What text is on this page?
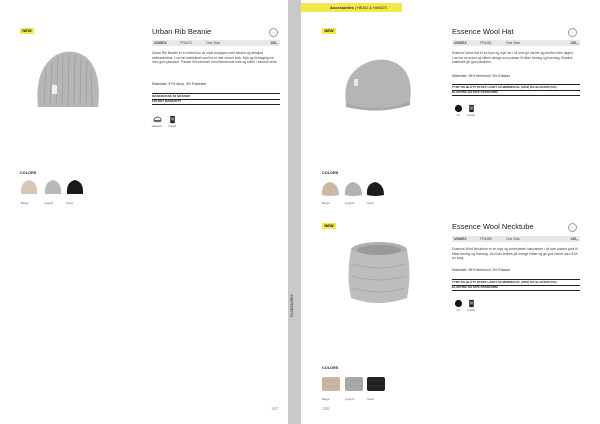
Accessories
Accessories | HEAD & HANDS
NEW	Urban Rib Beanie	···
UNISEX	FF6470	One Size	165,-
Urban Rib Beanie er en ribbet lue av mykt acrylgarn med tekstur og detaljert strikkestruktur. Lua har rettstrikket kant for et mer urbant look. Myk og behagelig lue med god passform. Passer fint sammen med tilsvarende hals og votter i samme serie.
Materiale: 97% Akryl, 3% Polyester
MASKINVASK 30 GRADER
FOLDET MANSJETT
Vaskeanv.	Innhold
COLORS
Beige	Lysgrå	Svart
187
NEW	Essence Wool Hat	···
UNISEX	FF6451	One Size	135,-
Essence Wool Hat er en tynn og myk lue i ull som gir varme og komfort hele dagen. Lua har en enkel og stilren design som passer til både trening og hverdag. Elastisk materiale gir god passform.
Materiale: 95% Merinoull, 5% Elastan
TYNT OG BLÅTT STOFF LAVET AV MERINOULL (95%) OG ELASTAN (5%)
ELASTISK OG MYK PASSFORM
Ull	Innhold
COLORS
Beige	Lysgrå	Svart
NEW	Essence Wool Necktube	···
UNISEX	FF6455	One Size	135,-
Essence Wool Necktube er en myk og komfortabel halsvarmer i ull som passer godt til både trening og hverdag. Den kan brukes på mange måter og gir god varme uten å bli for tung.
Materiale: 95% Merinoull, 5% Elastan
TYNT OG BLÅTT STOFF LAVET AV MERINOULL (95%) OG ELASTAN (5%)
ELASTISK OG MYK PASSFORM
Ull	Innhold
COLORS
Beige	Lysgrå	Svart
188
